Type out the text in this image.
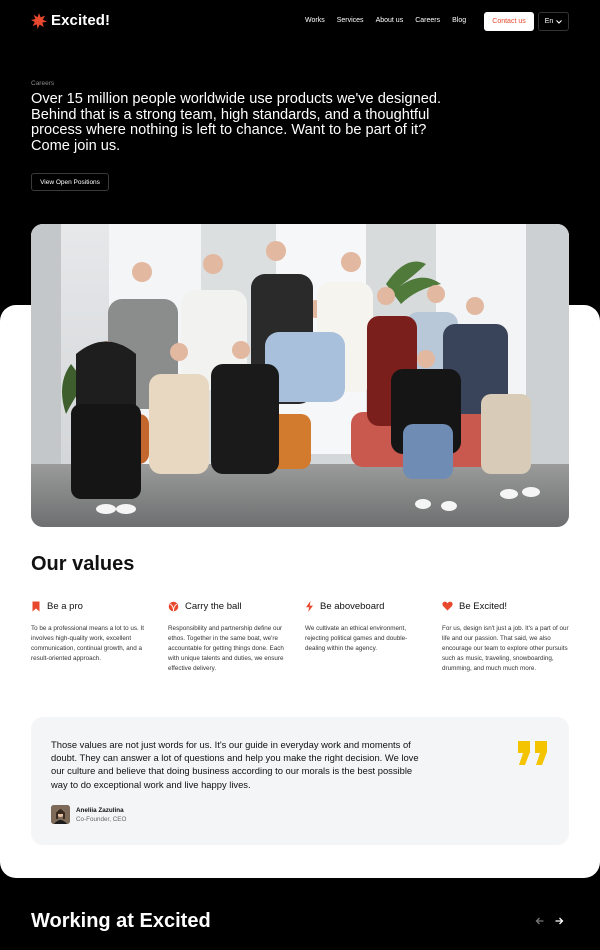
Excited!	Works Services About us Careers Blog	Contact us	En
Careers
Over 15 million people worldwide use products we've designed. Behind that is a strong team, high standards, and a thoughtful process where nothing is left to chance. Want to be part of it? Come join us.
View Open Positions
Our values
Be a pro

To be a professional means a lot to us. It involves high-quality work, excellent communication, continual growth, and a result-oriented approach.

Carry the ball

Responsibility and partnership define our ethos. Together in the same boat, we're accountable for getting things done. Each with unique talents and duties, we ensure effective delivery.

Be aboveboard

We cultivate an ethical environment, rejecting political games and double-dealing within the agency.

Be Excited!

For us, design isn't just a job. It's a part of our life and our passion. That said, we also encourage our team to explore other pursuits such as music, traveling, snowboarding, drumming, and much much more.

Those values are not just words for us. It's our guide in everyday work and moments of doubt. They can answer a lot of questions and help you make the right decision. We love our culture and believe that doing business according to our morals is the best possible way to do exceptional work and live happy lives.

Aneliia Zazulina
Co-Founder, CEO
Working at Excited
